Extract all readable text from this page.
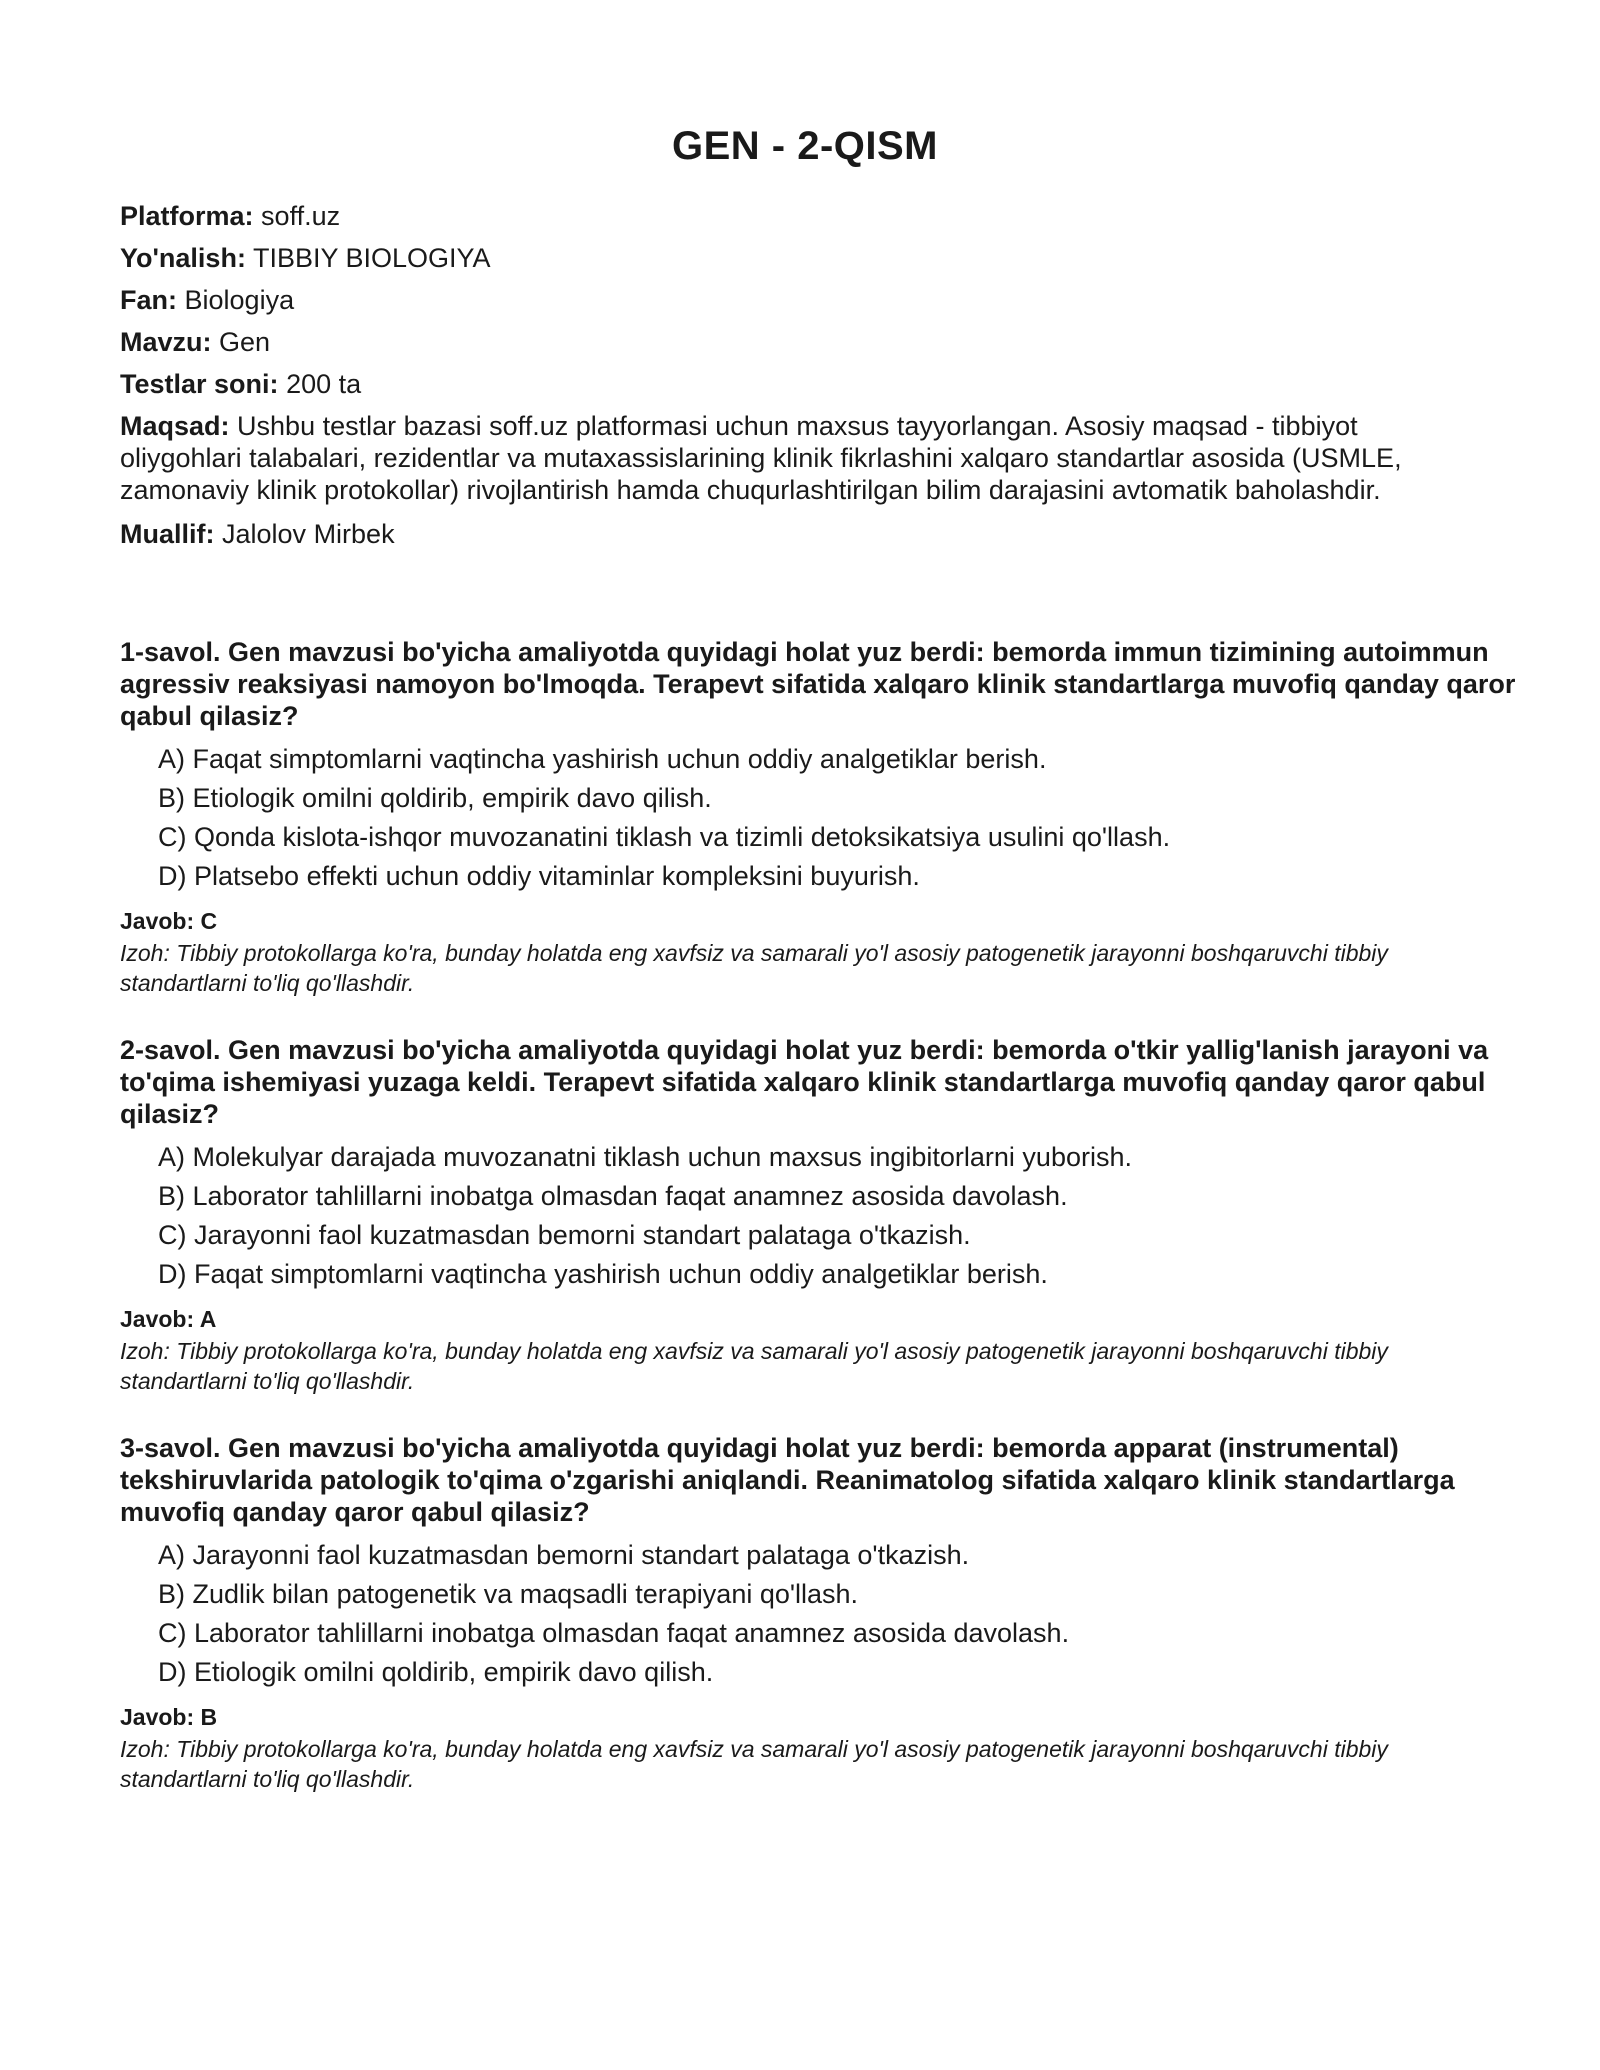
GEN - 2-QISM
Platforma: soff.uz
Yo'nalish: TIBBIY BIOLOGIYA
Fan: Biologiya
Mavzu: Gen
Testlar soni: 200 ta
Maqsad: Ushbu testlar bazasi soff.uz platformasi uchun maxsus tayyorlangan. Asosiy maqsad - tibbiyot oliygohlari talabalari, rezidentlar va mutaxassislarining klinik fikrlashini xalqaro standartlar asosida (USMLE, zamonaviy klinik protokollar) rivojlantirish hamda chuqurlashtirilgan bilim darajasini avtomatik baholashdir.
Muallif: Jalolov Mirbek
1-savol. Gen mavzusi bo'yicha amaliyotda quyidagi holat yuz berdi: bemorda immun tizimining autoimmun agressiv reaksiyasi namoyon bo'lmoqda. Terapevt sifatida xalqaro klinik standartlarga muvofiq qanday qaror qabul qilasiz?
A) Faqat simptomlarni vaqtincha yashirish uchun oddiy analgetiklar berish.
B) Etiologik omilni qoldirib, empirik davo qilish.
C) Qonda kislota-ishqor muvozanatini tiklash va tizimli detoksikatsiya usulini qo'llash.
D) Platsebo effekti uchun oddiy vitaminlar kompleksini buyurish.
Javob: C
Izoh: Tibbiy protokollarga ko'ra, bunday holatda eng xavfsiz va samarali yo'l asosiy patogenetik jarayonni boshqaruvchi tibbiy standartlarni to'liq qo'llashdir.
2-savol. Gen mavzusi bo'yicha amaliyotda quyidagi holat yuz berdi: bemorda o'tkir yallig'lanish jarayoni va to'qima ishemiyasi yuzaga keldi. Terapevt sifatida xalqaro klinik standartlarga muvofiq qanday qaror qabul qilasiz?
A) Molekulyar darajada muvozanatni tiklash uchun maxsus ingibitorlarni yuborish.
B) Laborator tahlillarni inobatga olmasdan faqat anamnez asosida davolash.
C) Jarayonni faol kuzatmasdan bemorni standart palataga o'tkazish.
D) Faqat simptomlarni vaqtincha yashirish uchun oddiy analgetiklar berish.
Javob: A
Izoh: Tibbiy protokollarga ko'ra, bunday holatda eng xavfsiz va samarali yo'l asosiy patogenetik jarayonni boshqaruvchi tibbiy standartlarni to'liq qo'llashdir.
3-savol. Gen mavzusi bo'yicha amaliyotda quyidagi holat yuz berdi: bemorda apparat (instrumental) tekshiruvlarida patologik to'qima o'zgarishi aniqlandi. Reanimatolog sifatida xalqaro klinik standartlarga muvofiq qanday qaror qabul qilasiz?
A) Jarayonni faol kuzatmasdan bemorni standart palataga o'tkazish.
B) Zudlik bilan patogenetik va maqsadli terapiyani qo'llash.
C) Laborator tahlillarni inobatga olmasdan faqat anamnez asosida davolash.
D) Etiologik omilni qoldirib, empirik davo qilish.
Javob: B
Izoh: Tibbiy protokollarga ko'ra, bunday holatda eng xavfsiz va samarali yo'l asosiy patogenetik jarayonni boshqaruvchi tibbiy standartlarni to'liq qo'llashdir.
